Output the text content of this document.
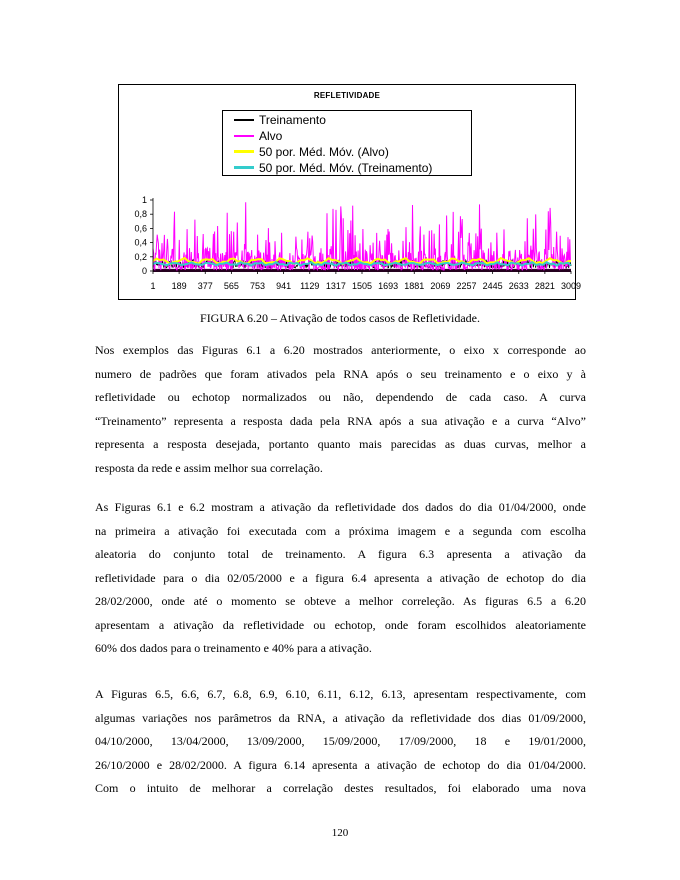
REFLETIVIDADE
0
0,2
0,4
0,6
0,8
1
1 189 377 565 753 941 1129 1317 1505 1693 1881 2069 2257 2445 2633 2821 3009
Treinamento
Alvo
50 por. Méd. Móv. (Alvo)
50 por. Méd. Móv. (Treinamento)
FIGURA 6.20 – Ativação de todos casos de Refletividade.
Nos exemplos das Figuras 6.1 a 6.20 mostrados anteriormente, o eixo x corresponde ao
numero de padrões que foram ativados pela RNA após o seu treinamento e o eixo y à
refletividade ou echotop normalizados ou não, dependendo de cada caso. A curva
“Treinamento” representa a resposta dada pela RNA após a sua ativação e a curva “Alvo”
representa a resposta desejada, portanto quanto mais parecidas as duas curvas, melhor a
resposta da rede e assim melhor sua correlação.
As Figuras 6.1 e 6.2 mostram a ativação da refletividade dos dados do dia 01/04/2000, onde
na primeira a ativação foi executada com a próxima imagem e a segunda com escolha
aleatoria do conjunto total de treinamento. A figura 6.3 apresenta a ativação da
refletividade para o dia 02/05/2000 e a figura 6.4 apresenta a ativação de echotop do dia
28/02/2000, onde até o momento se obteve a melhor correleção. As figuras 6.5 a 6.20
apresentam a ativação da refletividade ou echotop, onde foram escolhidos aleatoriamente
60% dos dados para o treinamento e 40% para a ativação.
A Figuras 6.5, 6.6, 6.7, 6.8, 6.9, 6.10, 6.11, 6.12, 6.13, apresentam respectivamente, com
algumas variações nos parâmetros da RNA, a ativação da refletividade dos dias 01/09/2000,
04/10/2000, 13/04/2000, 13/09/2000, 15/09/2000, 17/09/2000, 18 e 19/01/2000,
26/10/2000 e 28/02/2000. A figura 6.14 apresenta a ativação de echotop do dia 01/04/2000.
Com o intuito de melhorar a correlação destes resultados, foi elaborado uma nova
120
